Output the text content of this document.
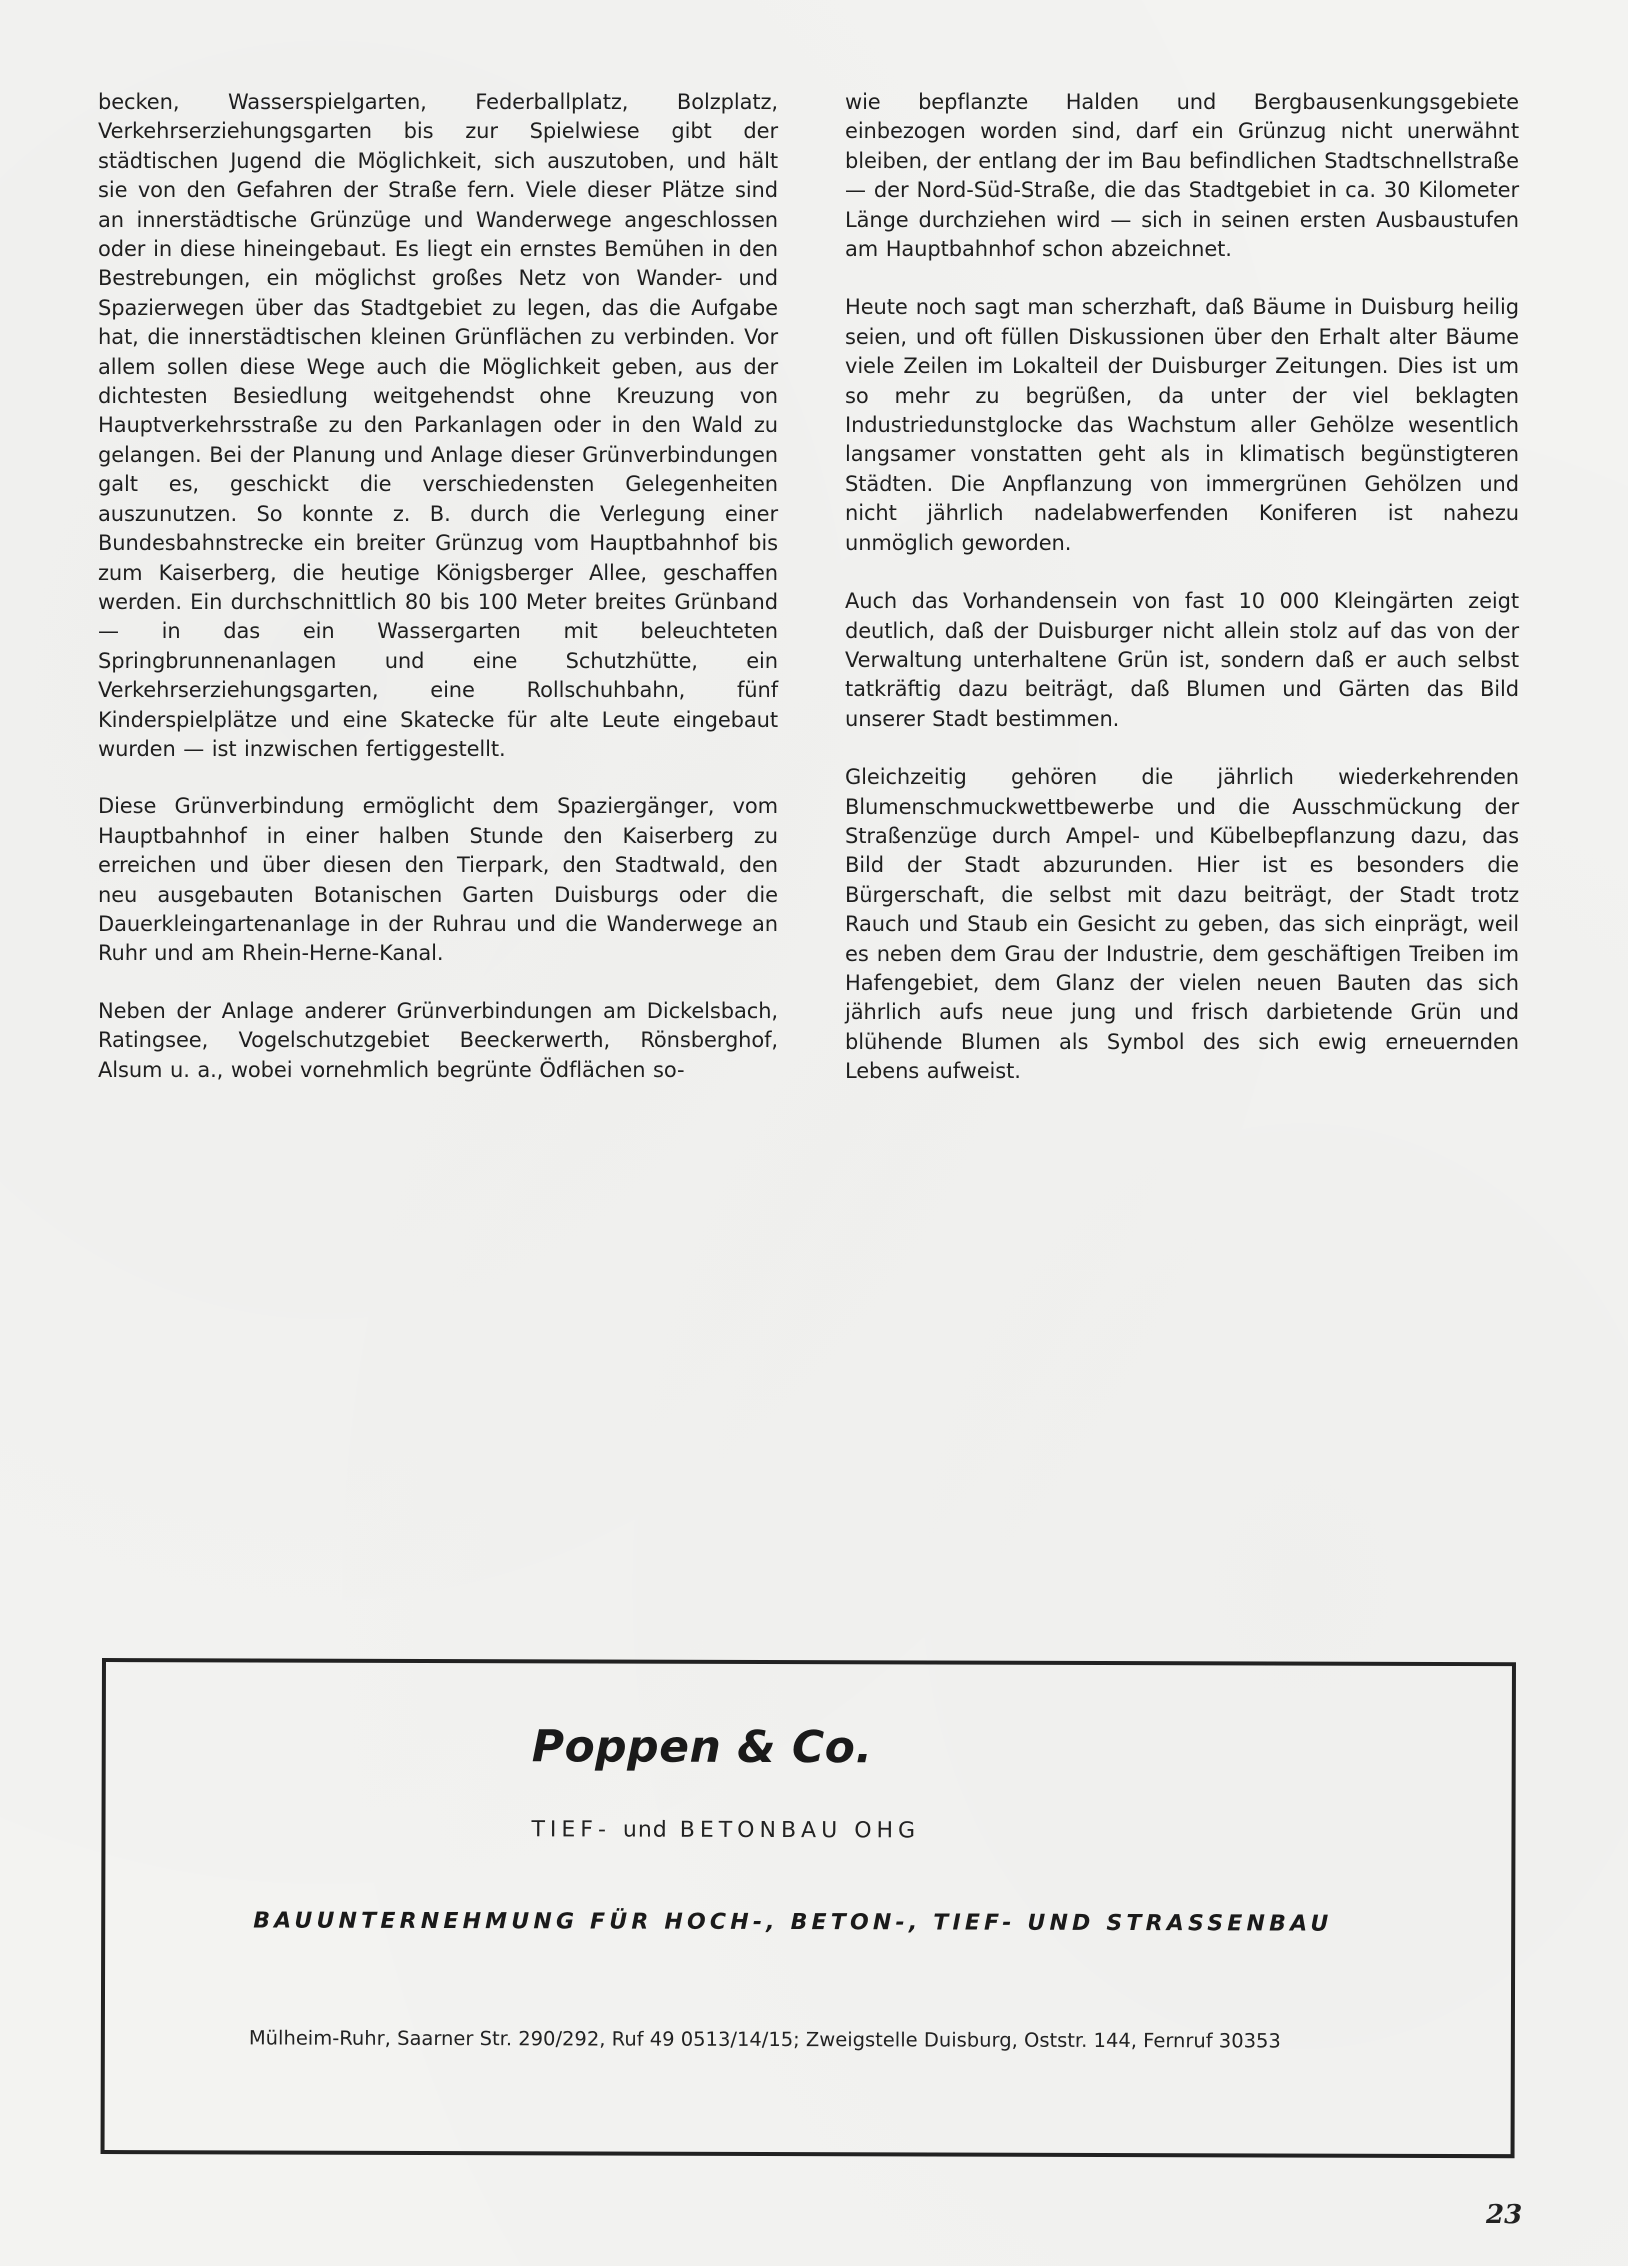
becken, Wasserspielgarten, Federballplatz, Bolzplatz, Verkehrserziehungsgarten bis zur Spielwiese gibt der städtischen Jugend die Möglichkeit, sich auszutoben, und hält sie von den Gefahren der Straße fern. Viele dieser Plätze sind an innerstädtische Grünzüge und Wanderwege angeschlossen oder in diese hineingebaut. Es liegt ein ernstes Bemühen in den Bestrebungen, ein möglichst großes Netz von Wander- und Spazierwegen über das Stadtgebiet zu legen, das die Aufgabe hat, die innerstädtischen kleinen Grünflächen zu verbinden. Vor allem sollen diese Wege auch die Möglichkeit geben, aus der dichtesten Besiedlung weitgehendst ohne Kreuzung von Hauptverkehrsstraße zu den Parkanlagen oder in den Wald zu gelangen. Bei der Planung und Anlage dieser Grünverbindungen galt es, geschickt die verschiedensten Gelegenheiten auszunutzen. So konnte z. B. durch die Verlegung einer Bundesbahnstrecke ein breiter Grünzug vom Hauptbahnhof bis zum Kaiserberg, die heutige Königsberger Allee, geschaffen werden. Ein durchschnittlich 80 bis 100 Meter breites Grünband — in das ein Wassergarten mit beleuchteten Springbrunnenanlagen und eine Schutzhütte, ein Verkehrserziehungsgarten, eine Rollschuhbahn, fünf Kinderspielplätze und eine Skatecke für alte Leute eingebaut wurden — ist inzwischen fertiggestellt.

Diese Grünverbindung ermöglicht dem Spaziergänger, vom Hauptbahnhof in einer halben Stunde den Kaiserberg zu erreichen und über diesen den Tierpark, den Stadtwald, den neu ausgebauten Botanischen Garten Duisburgs oder die Dauerkleingartenanlage in der Ruhrau und die Wanderwege an Ruhr und am Rhein-Herne-Kanal.

Neben der Anlage anderer Grünverbindungen am Dickelsbach, Ratingsee, Vogelschutzgebiet Beeckerwerth, Rönsberghof, Alsum u. a., wobei vornehmlich begrünte Ödflächen so-

wie bepflanzte Halden und Bergbausenkungsgebiete einbezogen worden sind, darf ein Grünzug nicht unerwähnt bleiben, der entlang der im Bau befindlichen Stadtschnellstraße — der Nord-Süd-Straße, die das Stadtgebiet in ca. 30 Kilometer Länge durchziehen wird — sich in seinen ersten Ausbaustufen am Hauptbahnhof schon abzeichnet.

Heute noch sagt man scherzhaft, daß Bäume in Duisburg heilig seien, und oft füllen Diskussionen über den Erhalt alter Bäume viele Zeilen im Lokalteil der Duisburger Zeitungen. Dies ist um so mehr zu begrüßen, da unter der viel beklagten Industriedunstglocke das Wachstum aller Gehölze wesentlich langsamer vonstatten geht als in klimatisch begünstigteren Städten. Die Anpflanzung von immergrünen Gehölzen und nicht jährlich nadelabwerfenden Koniferen ist nahezu unmöglich geworden.

Auch das Vorhandensein von fast 10 000 Kleingärten zeigt deutlich, daß der Duisburger nicht allein stolz auf das von der Verwaltung unterhaltene Grün ist, sondern daß er auch selbst tatkräftig dazu beiträgt, daß Blumen und Gärten das Bild unserer Stadt bestimmen.

Gleichzeitig gehören die jährlich wiederkehrenden Blumenschmuckwettbewerbe und die Ausschmückung der Straßenzüge durch Ampel- und Kübelbepflanzung dazu, das Bild der Stadt abzurunden. Hier ist es besonders die Bürgerschaft, die selbst mit dazu beiträgt, der Stadt trotz Rauch und Staub ein Gesicht zu geben, das sich einprägt, weil es neben dem Grau der Industrie, dem geschäftigen Treiben im Hafengebiet, dem Glanz der vielen neuen Bauten das sich jährlich aufs neue jung und frisch darbietende Grün und blühende Blumen als Symbol des sich ewig erneuernden Lebens aufweist.

Poppen & Co.
TIEF- und BETONBAU OHG
BAUUNTERNEHMUNG FÜR HOCH-, BETON-, TIEF- UND STRASSENBAU
Mülheim-Ruhr, Saarner Str. 290/292, Ruf 49 0513/14/15; Zweigstelle Duisburg, Oststr. 144, Fernruf 30353
23
